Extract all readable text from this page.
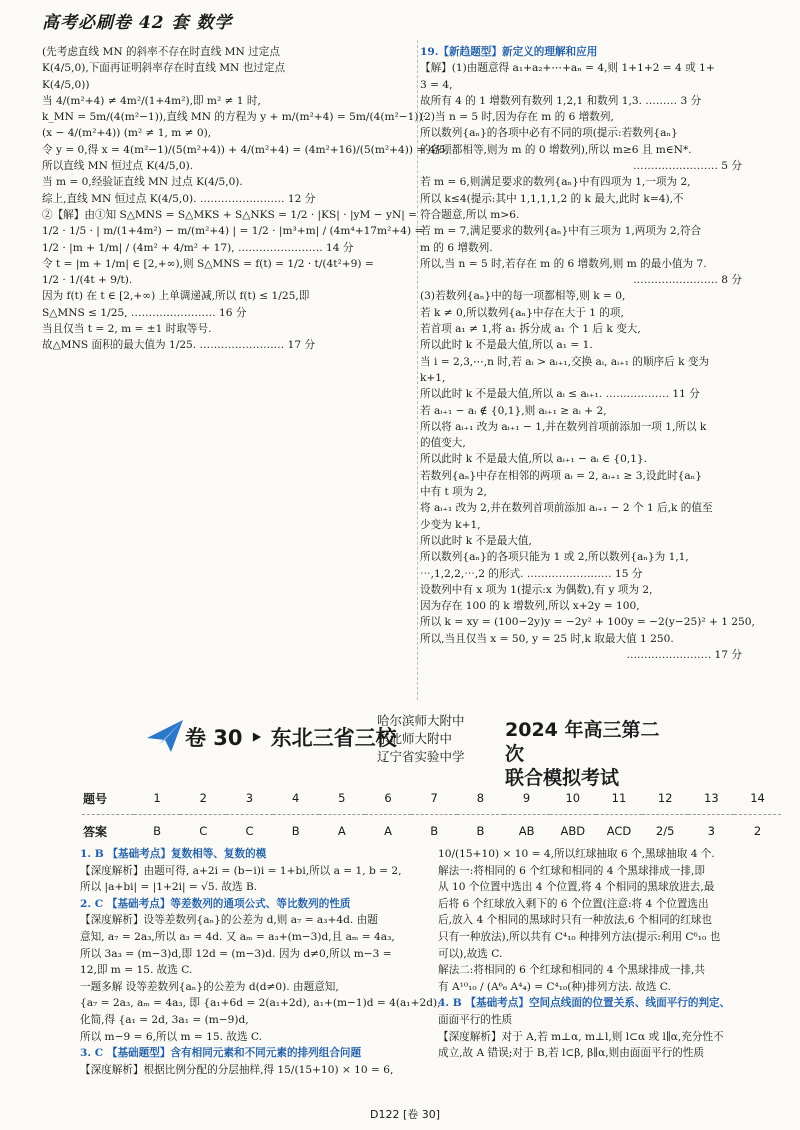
高考必刷卷 42 套 数学

(先考虑直线 MN 的斜率不存在时直线 MN 过定点

K(4/5,0),下面再证明斜率存在时直线 MN 也过定点

K(4/5,0))

当 4/(m²+4) ≠ 4m²/(1+4m²),即 m² ≠ 1 时,

k_MN = 5m/(4(m²−1)),直线 MN 的方程为 y + m/(m²+4) = 5m/(4(m²−1))·

(x − 4/(m²+4)) (m² ≠ 1, m ≠ 0),

令 y = 0,得 x = 4(m²−1)/(5(m²+4)) + 4/(m²+4) = (4m²+16)/(5(m²+4)) = 4/5,

所以直线 MN 恒过点 K(4/5,0).

当 m = 0,经验证直线 MN 过点 K(4/5,0).

综上,直线 MN 恒过点 K(4/5,0). …………………… 12 分

②【解】由①知 S△MNS = S△MKS + S△NKS = 1/2 · |KS| · |yM − yN| =

1/2 · 1/5 · | m/(1+4m²) − m/(m²+4) | = 1/2 · |m³+m| / (4m⁴+17m²+4) =

1/2 · |m + 1/m| / (4m² + 4/m² + 17), …………………… 14 分

令 t = |m + 1/m| ∈ [2,+∞),则 S△MNS = f(t) = 1/2 · t/(4t²+9) =

1/2 · 1/(4t + 9/t).

因为 f(t) 在 t ∈ [2,+∞) 上单调递减,所以 f(t) ≤ 1/25,即

S△MNS ≤ 1/25, …………………… 16 分

当且仅当 t = 2, m = ±1 时取等号.

故△MNS 面积的最大值为 1/25. …………………… 17 分

19.【新趋题型】新定义的理解和应用

【解】(1)由题意得 a₁+a₂+⋯+aₙ = 4,则 1+1+2 = 4 或 1+

3 = 4,

故所有 4 的 1 增数列有数列 1,2,1 和数列 1,3. ……… 3 分

(2)当 n = 5 时,因为存在 m 的 6 增数列,

所以数列{aₙ}的各项中必有不同的项(提示:若数列{aₙ}

的各项都相等,则为 m 的 0 增数列),所以 m≥6 且 m∈N*.

…………………… 5 分

若 m = 6,则满足要求的数列{aₙ}中有四项为 1,一项为 2,

所以 k≤4(提示:其中 1,1,1,1,2 的 k 最大,此时 k=4),不

符合题意,所以 m>6.

若 m = 7,满足要求的数列{aₙ}中有三项为 1,两项为 2,符合

m 的 6 增数列.

所以,当 n = 5 时,若存在 m 的 6 增数列,则 m 的最小值为 7.

…………………… 8 分

(3)若数列{aₙ}中的每一项都相等,则 k = 0,

若 k ≠ 0,所以数列{aₙ}中存在大于 1 的项,

若首项 a₁ ≠ 1,将 a₁ 拆分成 a₁ 个 1 后 k 变大,

所以此时 k 不是最大值,所以 a₁ = 1.

当 i = 2,3,⋯,n 时,若 aᵢ > aᵢ₊₁,交换 aᵢ, aᵢ₊₁ 的顺序后 k 变为

k+1,

所以此时 k 不是最大值,所以 aᵢ ≤ aᵢ₊₁. ……………… 11 分

若 aᵢ₊₁ − aᵢ ∉ {0,1},则 aᵢ₊₁ ≥ aᵢ + 2,

所以将 aᵢ₊₁ 改为 aᵢ₊₁ − 1,并在数列首项前添加一项 1,所以 k

的值变大,

所以此时 k 不是最大值,所以 aᵢ₊₁ − aᵢ ∈ {0,1}.

若数列{aₙ}中存在相邻的两项 aᵢ = 2, aᵢ₊₁ ≥ 3,设此时{aₙ}

中有 t 项为 2,

将 aᵢ₊₁ 改为 2,并在数列首项前添加 aᵢ₊₁ − 2 个 1 后,k 的值至

少变为 k+1,

所以此时 k 不是最大值,

所以数列{aₙ}的各项只能为 1 或 2,所以数列{aₙ}为 1,1,

⋯,1,2,2,⋯,2 的形式. …………………… 15 分

设数列中有 x 项为 1(提示:x 为偶数),有 y 项为 2,

因为存在 100 的 k 增数列,所以 x+2y = 100,

所以 k = xy = (100−2y)y = −2y² + 100y = −2(y−25)² + 1 250,

所以,当且仅当 x = 50, y = 25 时,k 取最大值 1 250.

…………………… 17 分

卷 30 ‣ 东北三省三校
哈尔滨师大附中
东北师大附中
辽宁省实验中学
2024 年高三第二次
联合模拟考试
题号	1	2	3	4	5	6	7	8	9	10	11	12	13	14
答案	B	C	C	B	A	A	B	B	AB	ABD	ACD	2/5	3	2

1. B 【基础考点】复数相等、复数的模

【深度解析】由题可得, a+2i = (b−i)i = 1+bi,所以 a = 1, b = 2,

所以 |a+bi| = |1+2i| = √5. 故选 B.

2. C 【基础考点】等差数列的通项公式、等比数列的性质

【深度解析】设等差数列{aₙ}的公差为 d,则 a₇ = a₃+4d. 由题

意知, a₇ = 2a₃,所以 a₃ = 4d. 又 aₘ = a₃+(m−3)d,且 aₘ = 4a₃,

所以 3a₃ = (m−3)d,即 12d = (m−3)d. 因为 d≠0,所以 m−3 =

12,即 m = 15. 故选 C.

一题多解 设等差数列{aₙ}的公差为 d(d≠0). 由题意知,

{a₇ = 2a₃, aₘ = 4a₃, 即 {a₁+6d = 2(a₁+2d), a₁+(m−1)d = 4(a₁+2d),

化简,得 {a₁ = 2d, 3a₁ = (m−9)d,

所以 m−9 = 6,所以 m = 15. 故选 C.

3. C 【基础题型】含有相同元素和不同元素的排列组合问题

【深度解析】根据比例分配的分层抽样,得 15/(15+10) × 10 = 6,

10/(15+10) × 10 = 4,所以红球抽取 6 个,黑球抽取 4 个.

解法一:将相同的 6 个红球和相同的 4 个黑球排成一排,即

从 10 个位置中选出 4 个位置,将 4 个相同的黑球放进去,最

后将 6 个红球放入剩下的 6 个位置(注意:将 4 个位置选出

后,放入 4 个相同的黑球时只有一种放法,6 个相同的红球也

只有一种放法),所以共有 C⁴₁₀ 种排列方法(提示:利用 C⁶₁₀ 也

可以),故选 C.

解法二:将相同的 6 个红球和相同的 4 个黑球排成一排,共

有 A¹⁰₁₀ / (A⁶₆ A⁴₄) = C⁴₁₀(种)排列方法. 故选 C.

4. B 【基础考点】空间点线面的位置关系、线面平行的判定、

面面平行的性质

【深度解析】对于 A,若 m⊥α, m⊥l,则 l⊂α 或 l∥α,充分性不

成立,故 A 错误;对于 B,若 l⊂β, β∥α,则由面面平行的性质

D122 [卷 30]
